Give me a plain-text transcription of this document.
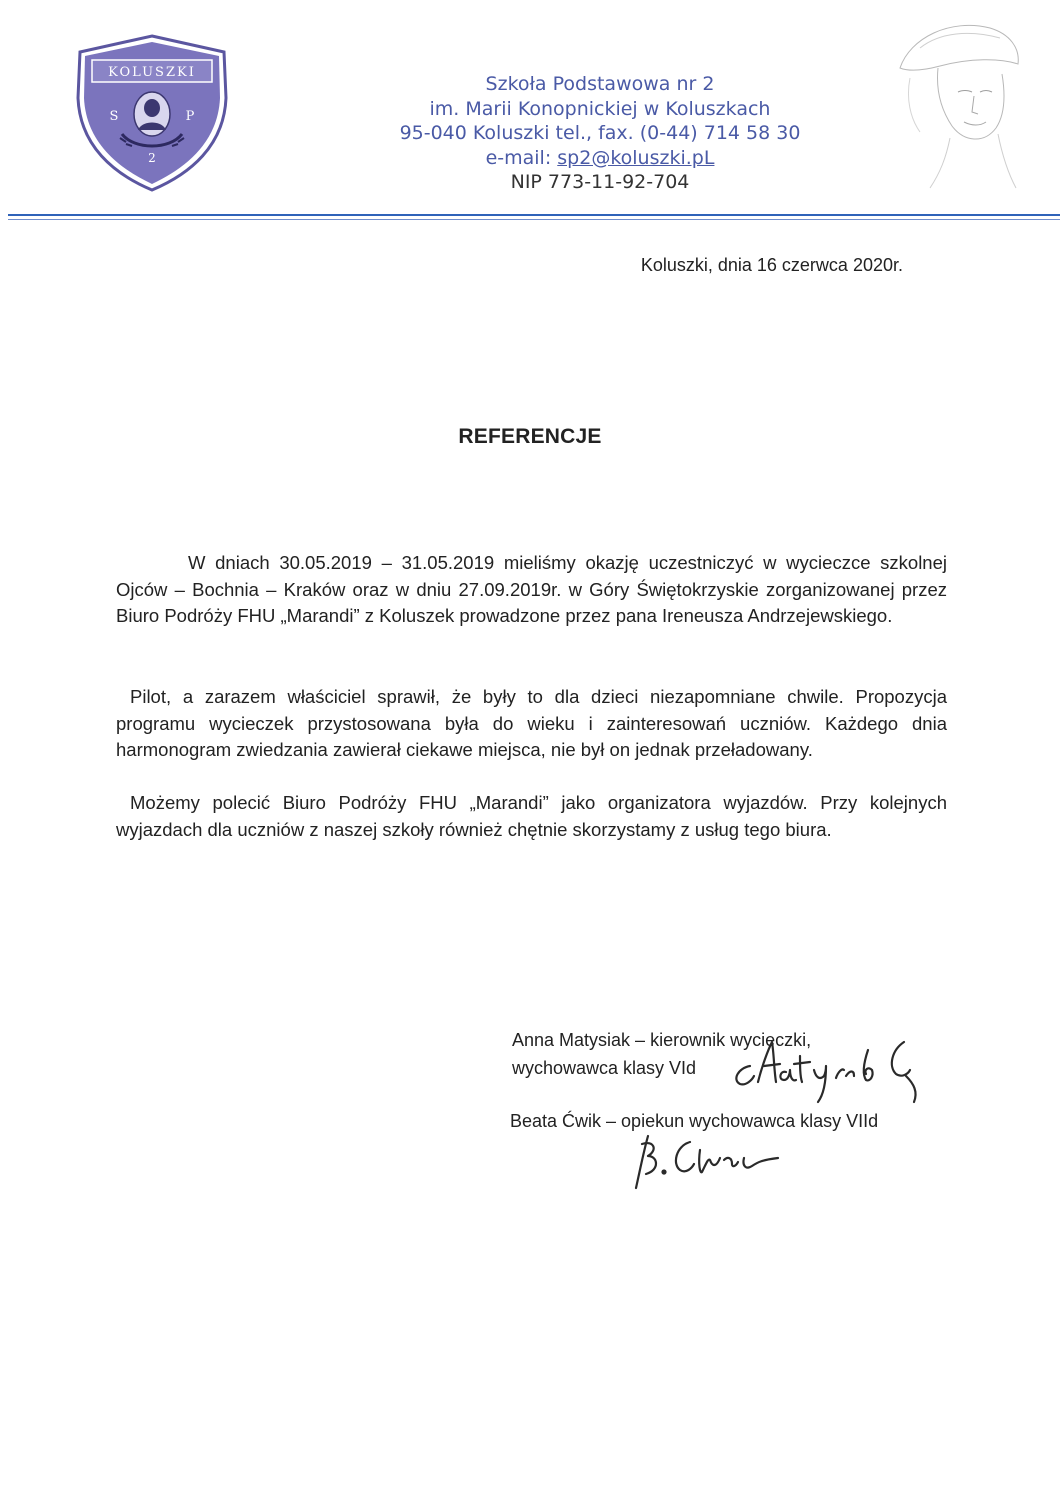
KOLUSZKI
S	P
2
Szkoła Podstawowa nr 2
im. Marii Konopnickiej w Koluszkach
95-040 Koluszki tel., fax. (0-44) 714 58 30
e-mail: sp2@koluszki.pL
NIP 773-11-92-704
Koluszki, dnia 16 czerwca 2020r.
REFERENCJE

W dniach 30.05.2019 – 31.05.2019 mieliśmy okazję uczestniczyć w wycieczce szkolnej Ojców – Bochnia – Kraków oraz w dniu 27.09.2019r. w Góry Świętokrzyskie zorganizowanej przez Biuro Podróży FHU „Marandi” z Koluszek prowadzone przez pana Ireneusza Andrzejewskiego.

Pilot, a zarazem właściciel sprawił, że były to dla dzieci niezapomniane chwile. Propozycja programu wycieczek przystosowana była do wieku i zainteresowań uczniów. Każdego dnia harmonogram zwiedzania zawierał ciekawe miejsca, nie był on jednak przeładowany.

Możemy polecić Biuro Podróży FHU „Marandi” jako organizatora wyjazdów. Przy kolejnych wyjazdach dla uczniów z naszej szkoły również chętnie skorzystamy z usług tego biura.

Anna Matysiak – kierownik wycieczki,
wychowawca klasy VId
Beata Ćwik – opiekun wychowawca klasy VIId
